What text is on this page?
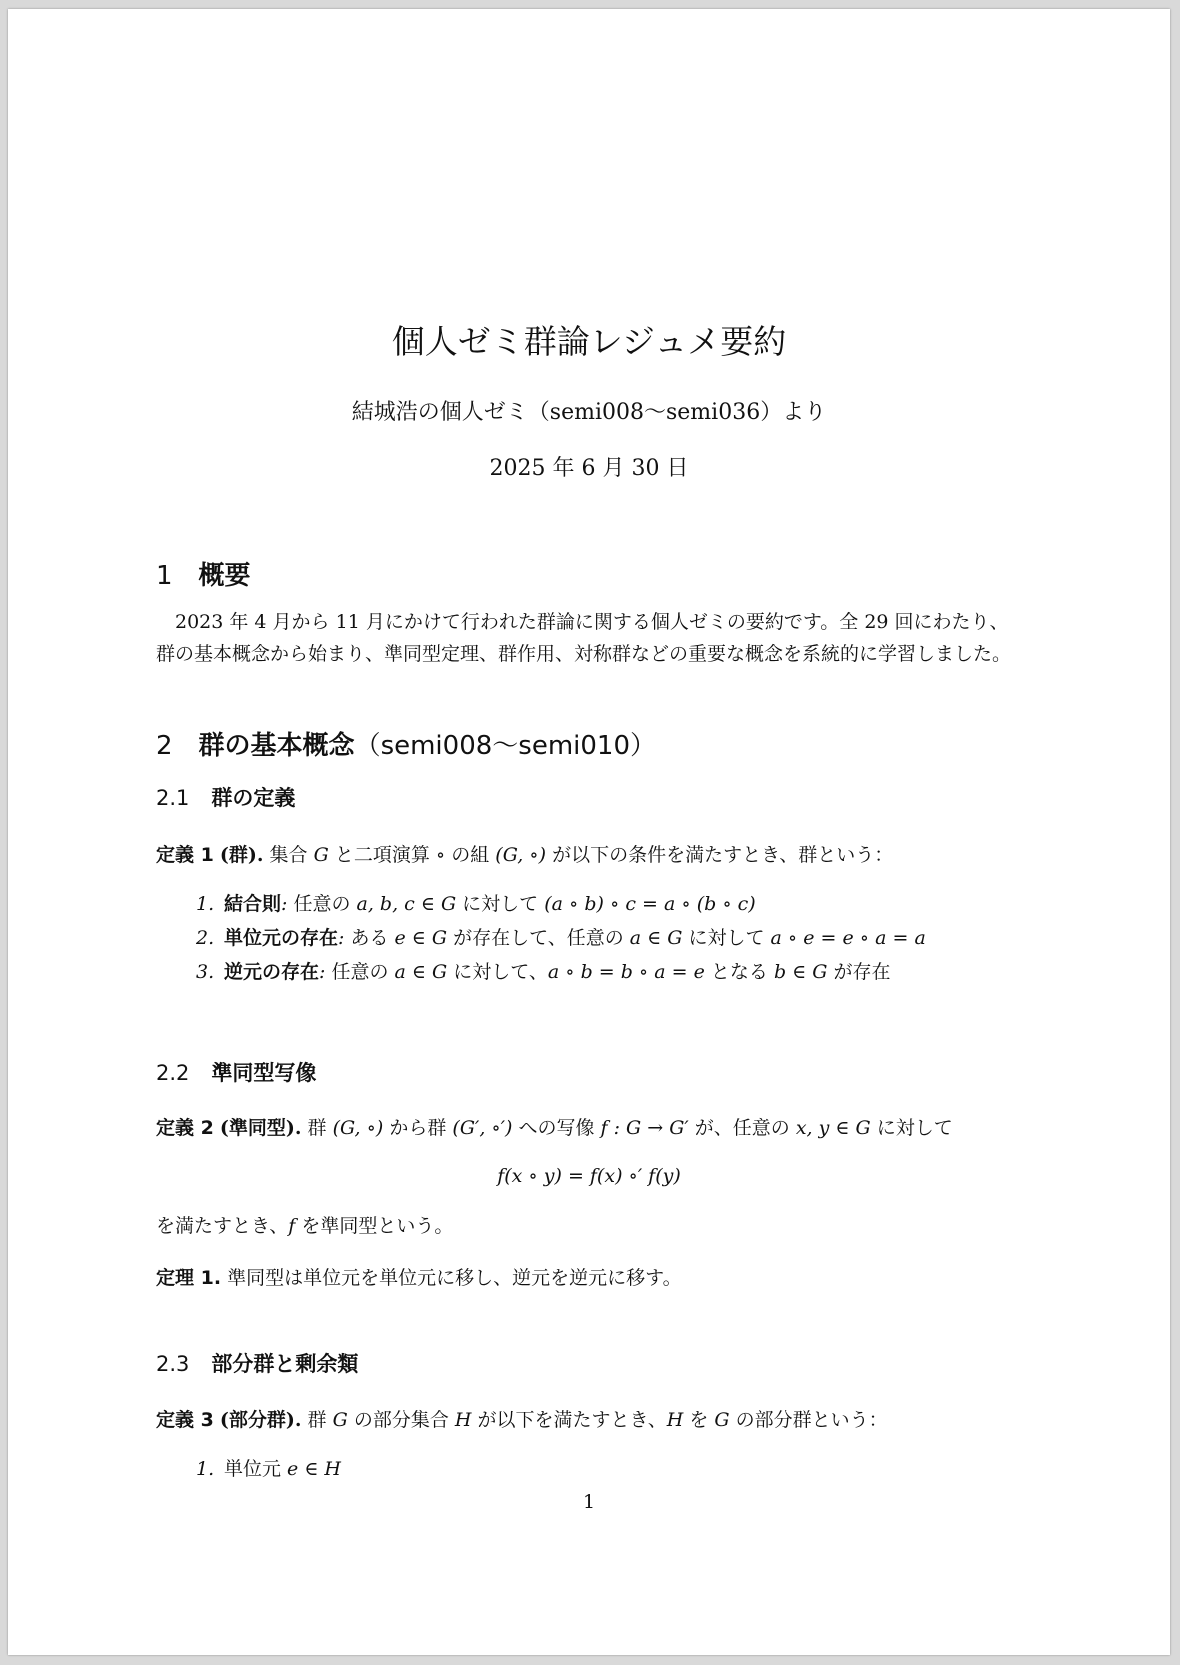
個人ゼミ群論レジュメ要約
結城浩の個人ゼミ（semi008〜semi036）より
2025 年 6 月 30 日
1 概要
2023 年 4 月から 11 月にかけて行われた群論に関する個人ゼミの要約です。全 29 回にわたり、
群の基本概念から始まり、準同型定理、群作用、対称群などの重要な概念を系統的に学習しました。
2 群の基本概念（semi008〜semi010）
2.1 群の定義
定義 1 (群). 集合 G と二項演算 ∘ の組 (G, ∘) が以下の条件を満たすとき、群という：
1. 結合則: 任意の a, b, c ∈ G に対して (a ∘ b) ∘ c = a ∘ (b ∘ c)
2. 単位元の存在: ある e ∈ G が存在して、任意の a ∈ G に対して a ∘ e = e ∘ a = a
3. 逆元の存在: 任意の a ∈ G に対して、a ∘ b = b ∘ a = e となる b ∈ G が存在
2.2 準同型写像
定義 2 (準同型). 群 (G, ∘) から群 (G′, ∘′) への写像 f : G → G′ が、任意の x, y ∈ G に対して
f(x ∘ y) = f(x) ∘′ f(y)
を満たすとき、f を準同型という。
定理 1. 準同型は単位元を単位元に移し、逆元を逆元に移す。
2.3 部分群と剰余類
定義 3 (部分群). 群 G の部分集合 H が以下を満たすとき、H を G の部分群という：
1. 単位元 e ∈ H
1
